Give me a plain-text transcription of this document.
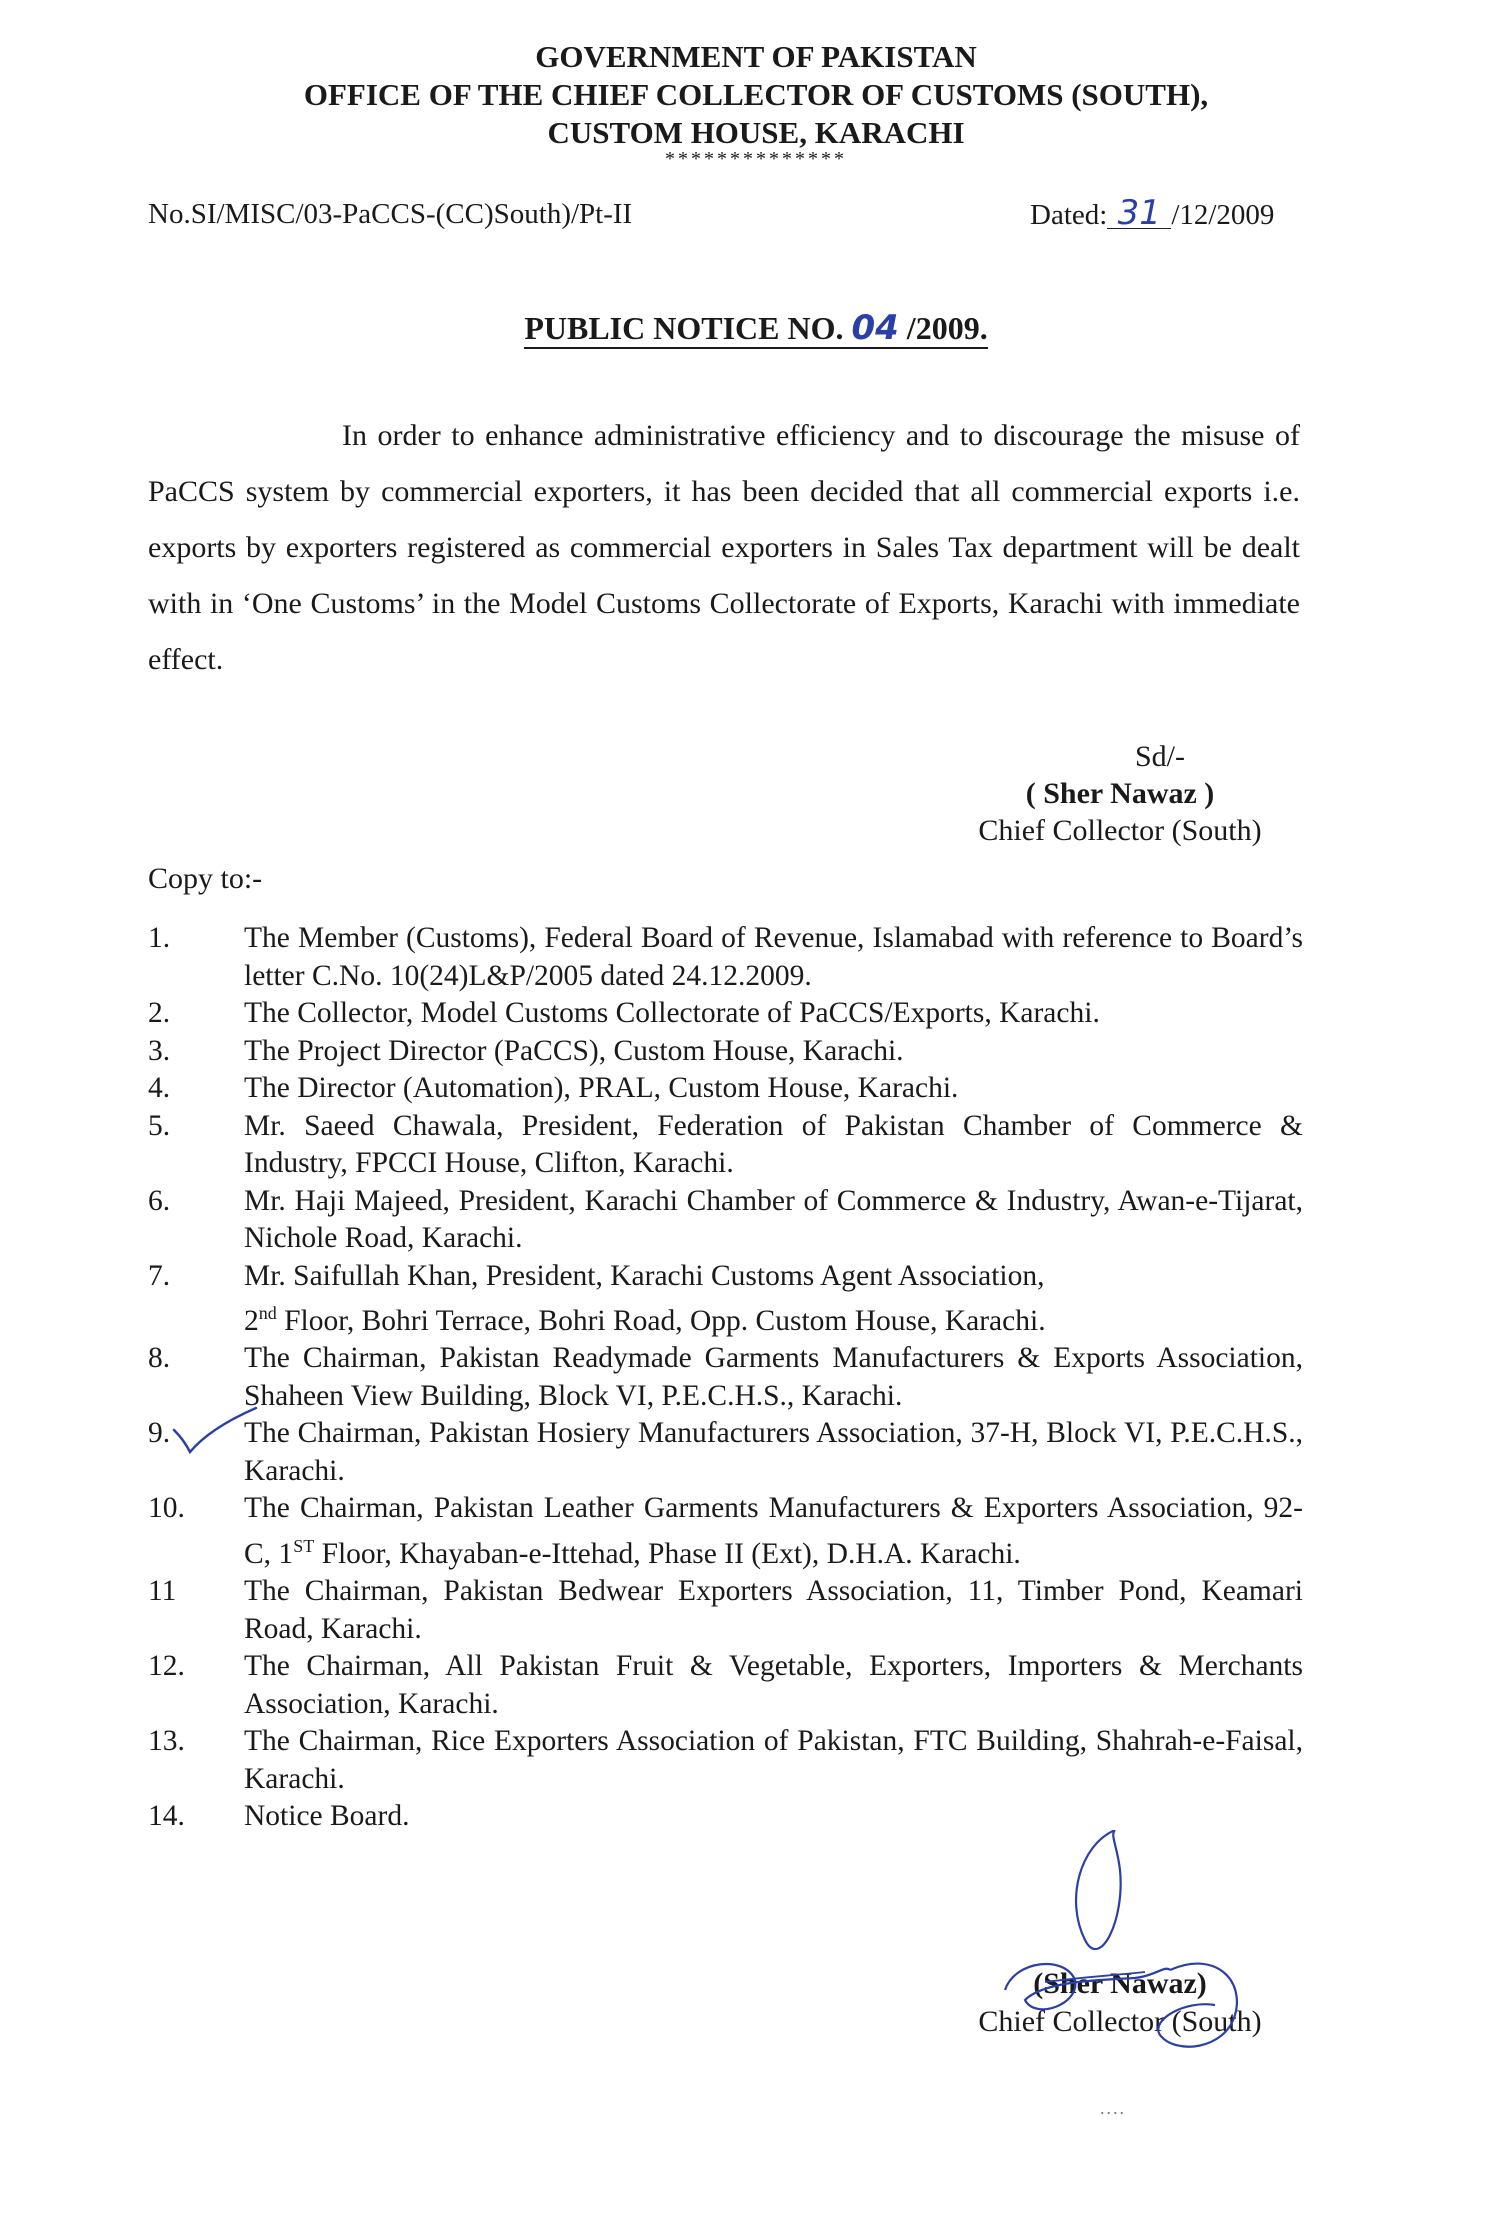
GOVERNMENT OF PAKISTAN
OFFICE OF THE CHIEF COLLECTOR OF CUSTOMS (SOUTH),
CUSTOM HOUSE, KARACHI
**************
No.SI/MISC/03-PaCCS-(CC)South)/Pt-II	Dated: 31 /12/2009
PUBLIC NOTICE NO. 04 /2009.
In order to enhance administrative efficiency and to discourage the misuse of PaCCS system by commercial exporters, it has been decided that all commercial exports i.e. exports by exporters registered as commercial exporters in Sales Tax department will be dealt with in ‘One Customs’ in the Model Customs Collectorate of Exports, Karachi with immediate effect.
Sd/-
( Sher Nawaz )
Chief Collector (South)
Copy to:-
1.	The Member (Customs), Federal Board of Revenue, Islamabad with reference to Board’s letter C.No. 10(24)L&P/2005 dated 24.12.2009.
2.	The Collector, Model Customs Collectorate of PaCCS/Exports, Karachi.
3.	The Project Director (PaCCS), Custom House, Karachi.
4.	The Director (Automation), PRAL, Custom House, Karachi.
5.	Mr. Saeed Chawala, President, Federation of Pakistan Chamber of Commerce & Industry, FPCCI House, Clifton, Karachi.
6.	Mr. Haji Majeed, President, Karachi Chamber of Commerce & Industry, Awan-e-Tijarat, Nichole Road, Karachi.
7.	Mr. Saifullah Khan, President, Karachi Customs Agent Association,
2nd Floor, Bohri Terrace, Bohri Road, Opp. Custom House, Karachi.
8.	The Chairman, Pakistan Readymade Garments Manufacturers & Exports Association, Shaheen View Building, Block VI, P.E.C.H.S., Karachi.
9.	The Chairman, Pakistan Hosiery Manufacturers Association, 37-H, Block VI, P.E.C.H.S., Karachi.
10.	The Chairman, Pakistan Leather Garments Manufacturers & Exporters Association, 92-C, 1ST Floor, Khayaban-e-Ittehad, Phase II (Ext), D.H.A. Karachi.
11	The Chairman, Pakistan Bedwear Exporters Association, 11, Timber Pond, Keamari Road, Karachi.
12.	The Chairman, All Pakistan Fruit & Vegetable, Exporters, Importers & Merchants Association, Karachi.
13.	The Chairman, Rice Exporters Association of Pakistan, FTC Building, Shahrah-e-Faisal, Karachi.
14.	Notice Board.
(Sher Nawaz)
Chief Collector (South)
....
